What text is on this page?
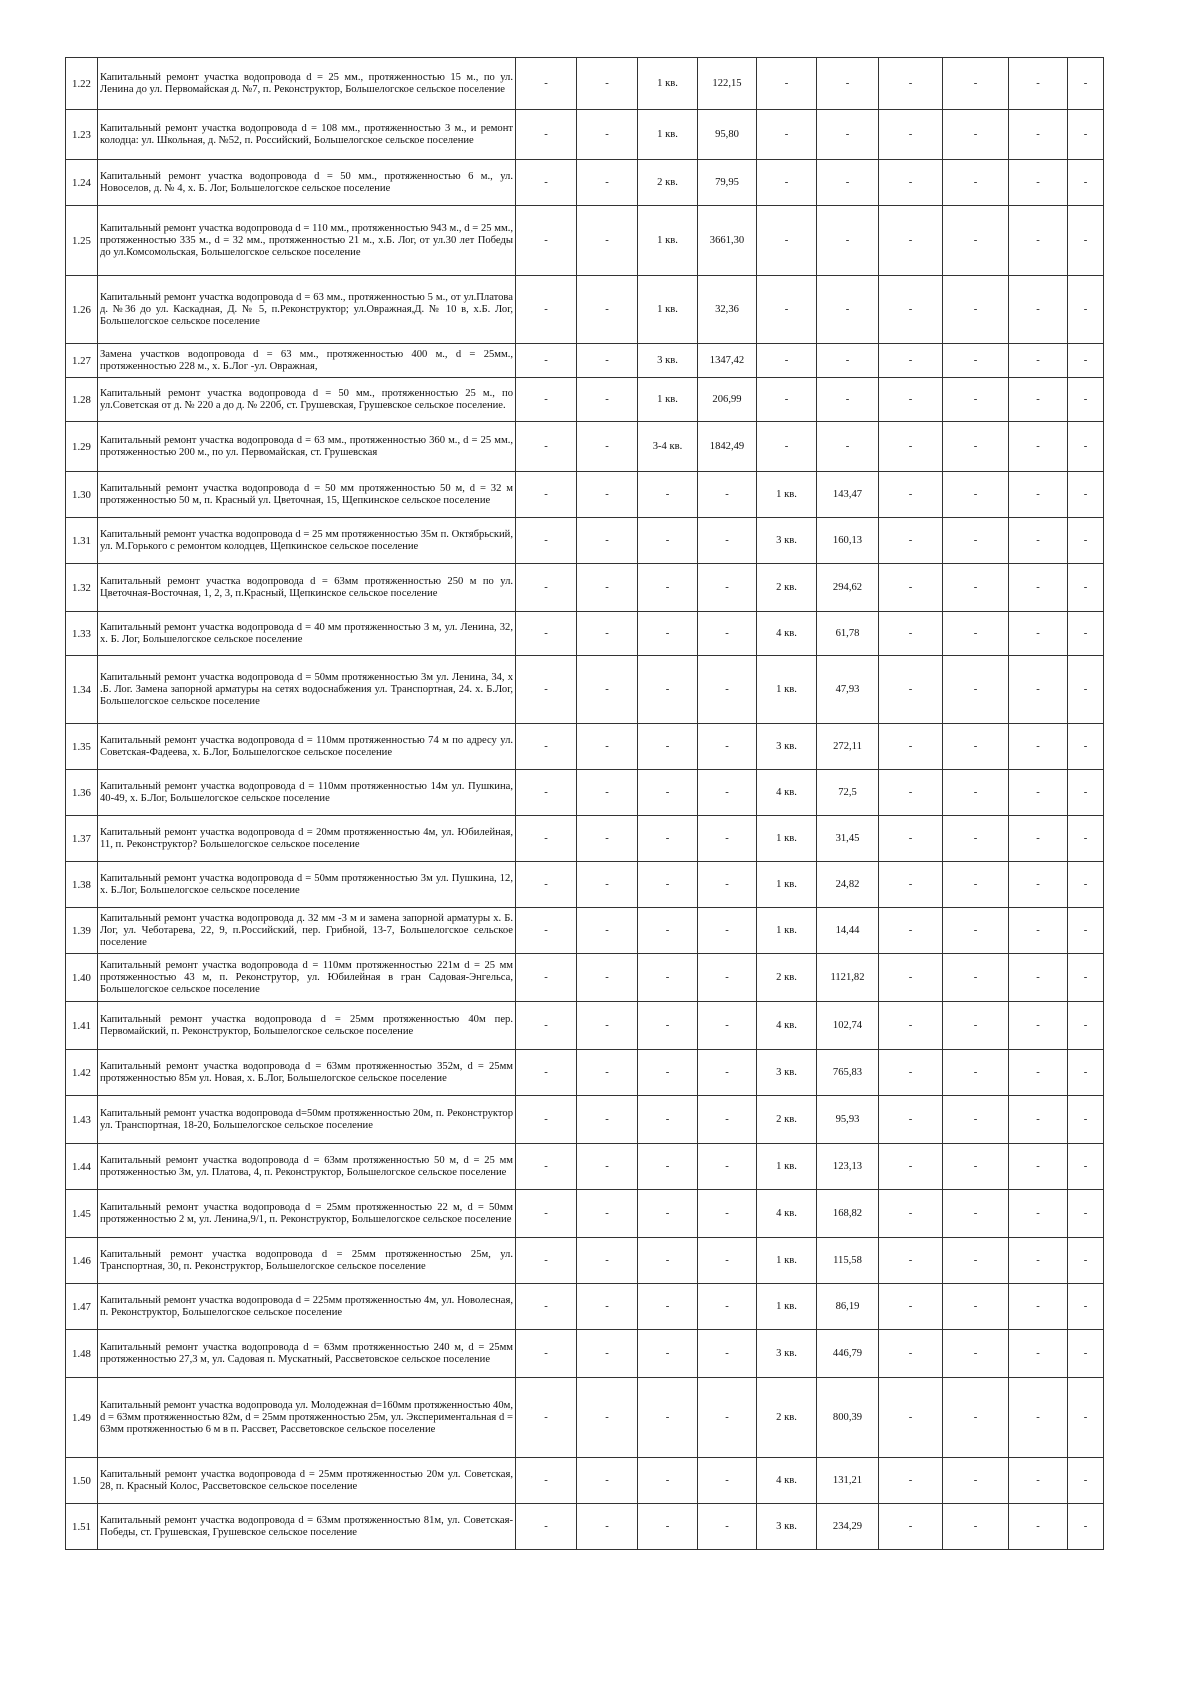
1.22	Капитальный ремонт участка водопровода d = 25 мм., протяженностью 15 м., по ул. Ленина до ул. Первомайская д. №7, п. Реконструктор, Большелогское сельское поселение	-	-	1 кв.	122,15	-	-	-	-	-	-
1.23	Капитальный ремонт участка водопровода d = 108 мм., протяженностью 3 м., и ремонт колодца: ул. Школьная, д. №52, п. Российский, Большелогское сельское поселение	-	-	1 кв.	95,80	-	-	-	-	-	-
1.24	Капитальный ремонт участка водопровода d = 50 мм., протяженностью 6 м., ул. Новоселов, д. № 4, х. Б. Лог, Большелогское сельское поселение	-	-	2 кв.	79,95	-	-	-	-	-	-
1.25	Капитальный ремонт участка водопровода d = 110 мм., протяженностью 943 м., d = 25 мм., протяженностью 335 м., d = 32 мм., протяженностью 21 м., х.Б. Лог, от ул.30 лет Победы до ул.Комсомольская, Большелогское сельское поселение	-	-	1 кв.	3661,30	-	-	-	-	-	-
1.26	Капитальный ремонт участка водопровода d = 63 мм., протяженностью 5 м., от ул.Платова д. №36 до ул. Каскадная, Д. № 5, п.Реконструктор; ул.Овражная,Д. № 10 в, х.Б. Лог, Большелогское сельское поселение	-	-	1 кв.	32,36	-	-	-	-	-	-
1.27	Замена участков водопровода d = 63 мм., протяженностью 400 м., d = 25мм., протяженностью 228 м., х. Б.Лог -ул. Овражная,	-	-	3 кв.	1347,42	-	-	-	-	-	-
1.28	Капитальный ремонт участка водопровода d = 50 мм., протяженностью 25 м., по ул.Советская от д. № 220 а до д. № 220б, ст. Грушевская, Грушевское сельское поселение.	-	-	1 кв.	206,99	-	-	-	-	-	-
1.29	Капитальный ремонт участка водопровода d = 63 мм., протяженностью 360 м., d = 25 мм., протяженностью 200 м., по ул. Первомайская, ст. Грушевская	-	-	3-4 кв.	1842,49	-	-	-	-	-	-
1.30	Капитальный ремонт участка водопровода d = 50 мм протяженностью 50 м, d = 32 м протяженностью 50 м, п. Красный ул. Цветочная, 15, Щепкинское сельское поселение	-	-	-	-	1 кв.	143,47	-	-	-	-
1.31	Капитальный ремонт участка водопровода d = 25 мм протяженностью 35м п. Октябрьский, ул. М.Горького с ремонтом колодцев, Щепкинское сельское поселение	-	-	-	-	3 кв.	160,13	-	-	-	-
1.32	Капитальный ремонт участка водопровода d = 63мм протяженностью 250 м по ул. Цветочная-Восточная, 1, 2, 3, п.Красный, Щепкинское сельское поселение	-	-	-	-	2 кв.	294,62	-	-	-	-
1.33	Капитальный ремонт участка водопровода d = 40 мм протяженностью 3 м, ул. Ленина, 32, х. Б. Лог, Большелогское сельское поселение	-	-	-	-	4 кв.	61,78	-	-	-	-
1.34	Капитальный ремонт участка водопровода d = 50мм протяженностью 3м ул. Ленина, 34, х .Б. Лог. Замена запорной арматуры на сетях водоснабжения ул. Транспортная, 24. х. Б.Лог, Большелогское сельское поселение	-	-	-	-	1 кв.	47,93	-	-	-	-
1.35	Капитальный ремонт участка водопровода d = 110мм протяженностью 74 м по адресу ул. Советская-Фадеева, х. Б.Лог, Большелогское сельское поселение	-	-	-	-	3 кв.	272,11	-	-	-	-
1.36	Капитальный ремонт участка водопровода d = 110мм протяженностью 14м ул. Пушкина, 40-49, х. Б.Лог, Большелогское сельское поселение	-	-	-	-	4 кв.	72,5	-	-	-	-
1.37	Капитальный ремонт участка водопровода d = 20мм протяженностью 4м, ул. Юбилейная, 11, п. Реконструктор? Большелогское сельское поселение	-	-	-	-	1 кв.	31,45	-	-	-	-
1.38	Капитальный ремонт участка водопровода d = 50мм протяженностью 3м ул. Пушкина, 12, х. Б.Лог, Большелогское сельское поселение	-	-	-	-	1 кв.	24,82	-	-	-	-
1.39	Капитальный ремонт участка водопровода д. 32 мм -3 м и замена запорной арматуры х. Б. Лог, ул. Чеботарева, 22, 9, п.Российский, пер. Грибной, 13-7, Большелогское сельское поселение	-	-	-	-	1 кв.	14,44	-	-	-	-
1.40	Капитальный ремонт участка водопровода d = 110мм протяженностью 221м d = 25 мм протяженностью 43 м, п. Реконструтор, ул. Юбилейная в гран Садовая-Энгельса, Большелогское сельское поселение	-	-	-	-	2 кв.	1121,82	-	-	-	-
1.41	Капитальный ремонт участка водопровода d = 25мм протяженностью 40м пер. Первомайский, п. Реконструктор, Большелогское сельское поселение	-	-	-	-	4 кв.	102,74	-	-	-	-
1.42	Капитальный ремонт участка водопровода d = 63мм протяженностью 352м, d = 25мм протяженностью 85м ул. Новая, х. Б.Лог, Большелогское сельское поселение	-	-	-	-	3 кв.	765,83	-	-	-	-
1.43	Капитальный ремонт участка водопровода d=50мм протяженностью 20м, п. Реконструктор ул. Транспортная, 18-20, Большелогское сельское поселение	-	-	-	-	2 кв.	95,93	-	-	-	-
1.44	Капитальный ремонт участка водопровода d = 63мм протяженностью 50 м, d = 25 мм протяженностью 3м, ул. Платова, 4, п. Реконструктор, Большелогское сельское поселение	-	-	-	-	1 кв.	123,13	-	-	-	-
1.45	Капитальный ремонт участка водопровода d = 25мм протяженностью 22 м, d = 50мм протяженностью 2 м, ул. Ленина,9/1, п. Реконструктор, Большелогское сельское поселение	-	-	-	-	4 кв.	168,82	-	-	-	-
1.46	Капитальный ремонт участка водопровода d = 25мм протяженностью 25м, ул. Транспортная, 30, п. Реконструктор, Большелогское сельское поселение	-	-	-	-	1 кв.	115,58	-	-	-	-
1.47	Капитальный ремонт участка водопровода d = 225мм протяженностью 4м, ул. Новолесная, п. Реконструктор, Большелогское сельское поселение	-	-	-	-	1 кв.	86,19	-	-	-	-
1.48	Капитальный ремонт участка водопровода d = 63мм протяженностью 240 м, d = 25мм протяженностью 27,3 м, ул. Садовая п. Мускатный, Рассветовское сельское поселение	-	-	-	-	3 кв.	446,79	-	-	-	-
1.49	Капитальный ремонт участка водопровода ул. Молодежная d=160мм протяженностью 40м, d = 63мм протяженностью 82м, d = 25мм протяженностью 25м, ул. Экспериментальная d = 63мм протяженностью 6 м в п. Рассвет, Рассветовское сельское поселение	-	-	-	-	2 кв.	800,39	-	-	-	-
1.50	Капитальный ремонт участка водопровода d = 25мм протяженностью 20м ул. Советская, 28, п. Красный Колос, Рассветовское сельское поселение	-	-	-	-	4 кв.	131,21	-	-	-	-
1.51	Капитальный ремонт участка водопровода d = 63мм протяженностью 81м, ул. Советская-Победы, ст. Грушевская, Грушевское сельское поселение	-	-	-	-	3 кв.	234,29	-	-	-	-
